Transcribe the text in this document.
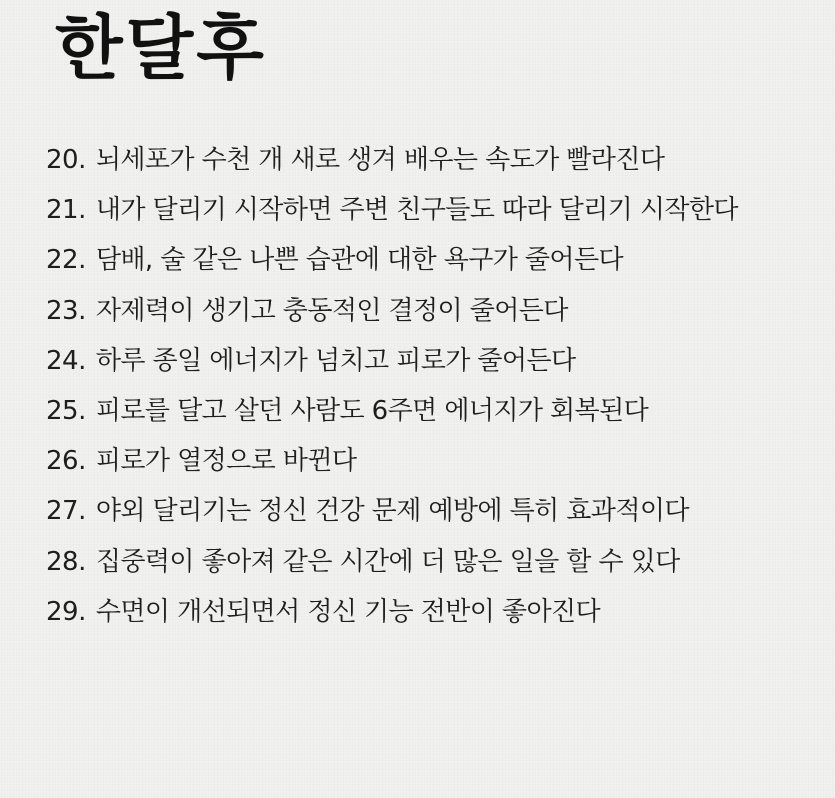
한달후
20. 뇌세포가 수천 개 새로 생겨 배우는 속도가 빨라진다
21. 내가 달리기 시작하면 주변 친구들도 따라 달리기 시작한다
22. 담배, 술 같은 나쁜 습관에 대한 욕구가 줄어든다
23. 자제력이 생기고 충동적인 결정이 줄어든다
24. 하루 종일 에너지가 넘치고 피로가 줄어든다
25. 피로를 달고 살던 사람도 6주면 에너지가 회복된다
26. 피로가 열정으로 바뀐다
27. 야외 달리기는 정신 건강 문제 예방에 특히 효과적이다
28. 집중력이 좋아져 같은 시간에 더 많은 일을 할 수 있다
29. 수면이 개선되면서 정신 기능 전반이 좋아진다
